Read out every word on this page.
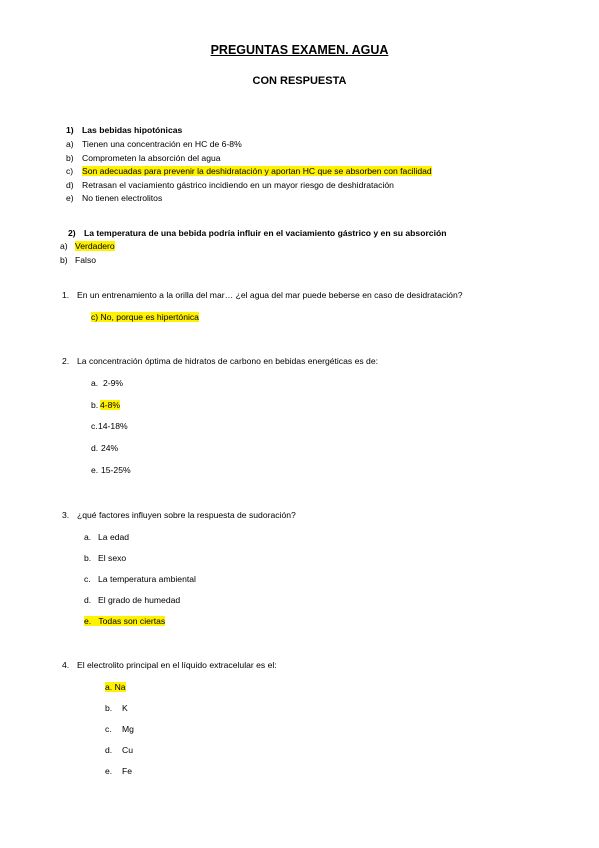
PREGUNTAS EXAMEN. AGUA
CON RESPUESTA
1) Las bebidas hipotónicas
a) Tienen una concentración en HC de 6-8%
b) Comprometen la absorción del agua
c) Son adecuadas para prevenir la deshidratación y aportan HC que se absorben con facilidad
d) Retrasan el vaciamiento gástrico incidiendo en un mayor riesgo de deshidratación
e) No tienen electrolitos
2) La temperatura de una bebida podría influir en el vaciamiento gástrico y en su absorción
a) Verdadero
b) Falso
1. En un entrenamiento a la orilla del mar… ¿el agua del mar puede beberse en caso de desidratación?
c) No, porque es hipertónica
2. La concentración óptima de hidratos de carbono en bebidas energéticas es de:
a. 2-9%
b. 4-8%
c. 14-18%
d. 24%
e. 15-25%
3. ¿qué factores influyen sobre la respuesta de sudoración?
a. La edad
b. El sexo
c. La temperatura ambiental
d. El grado de humedad
e. Todas son ciertas
4. El electrolito principal en el líquido extracelular es el:
a. Na
b. K
c. Mg
d. Cu
e. Fe
